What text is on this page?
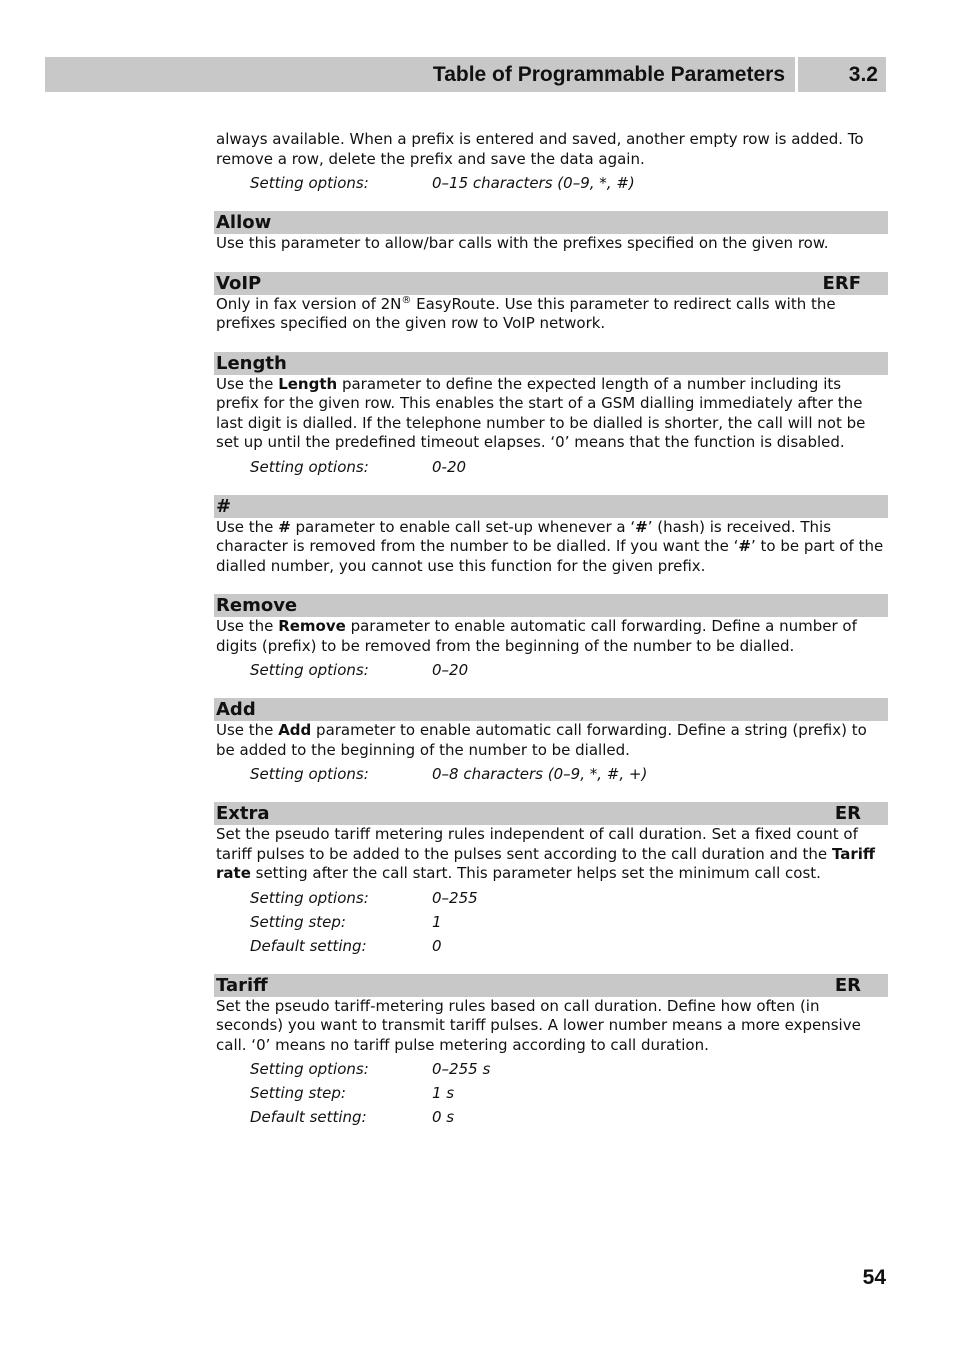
Table of Programmable Parameters	3.2

always available. When a prefix is entered and saved, another empty row is added. To remove a row, delete the prefix and save the data again.

Setting options:	0–15 characters (0–9, *, #)
Allow

Use this parameter to allow/bar calls with the prefixes specified on the given row.

VoIP	ERF

Only in fax version of 2N® EasyRoute. Use this parameter to redirect calls with the prefixes specified on the given row to VoIP network.

Length

Use the Length parameter to define the expected length of a number including its prefix for the given row. This enables the start of a GSM dialling immediately after the last digit is dialled. If the telephone number to be dialled is shorter, the call will not be set up until the predefined timeout elapses. ‘0’ means that the function is disabled.

Setting options:	0-20
#

Use the # parameter to enable call set-up whenever a ‘#’ (hash) is received. This character is removed from the number to be dialled. If you want the ‘#’ to be part of the dialled number, you cannot use this function for the given prefix.

Remove

Use the Remove parameter to enable automatic call forwarding. Define a number of digits (prefix) to be removed from the beginning of the number to be dialled.

Setting options:	0–20
Add

Use the Add parameter to enable automatic call forwarding. Define a string (prefix) to be added to the beginning of the number to be dialled.

Setting options:	0–8 characters (0–9, *, #, +)
Extra	ER

Set the pseudo tariff metering rules independent of call duration. Set a fixed count of tariff pulses to be added to the pulses sent according to the call duration and the Tariff rate setting after the call start. This parameter helps set the minimum call cost.

Setting options:	0–255
Setting step:	1
Default setting:	0
Tariff	ER

Set the pseudo tariff-metering rules based on call duration. Define how often (in seconds) you want to transmit tariff pulses. A lower number means a more expensive call. ‘0’ means no tariff pulse metering according to call duration.

Setting options:	0–255 s
Setting step:	1 s
Default setting:	0 s
54
